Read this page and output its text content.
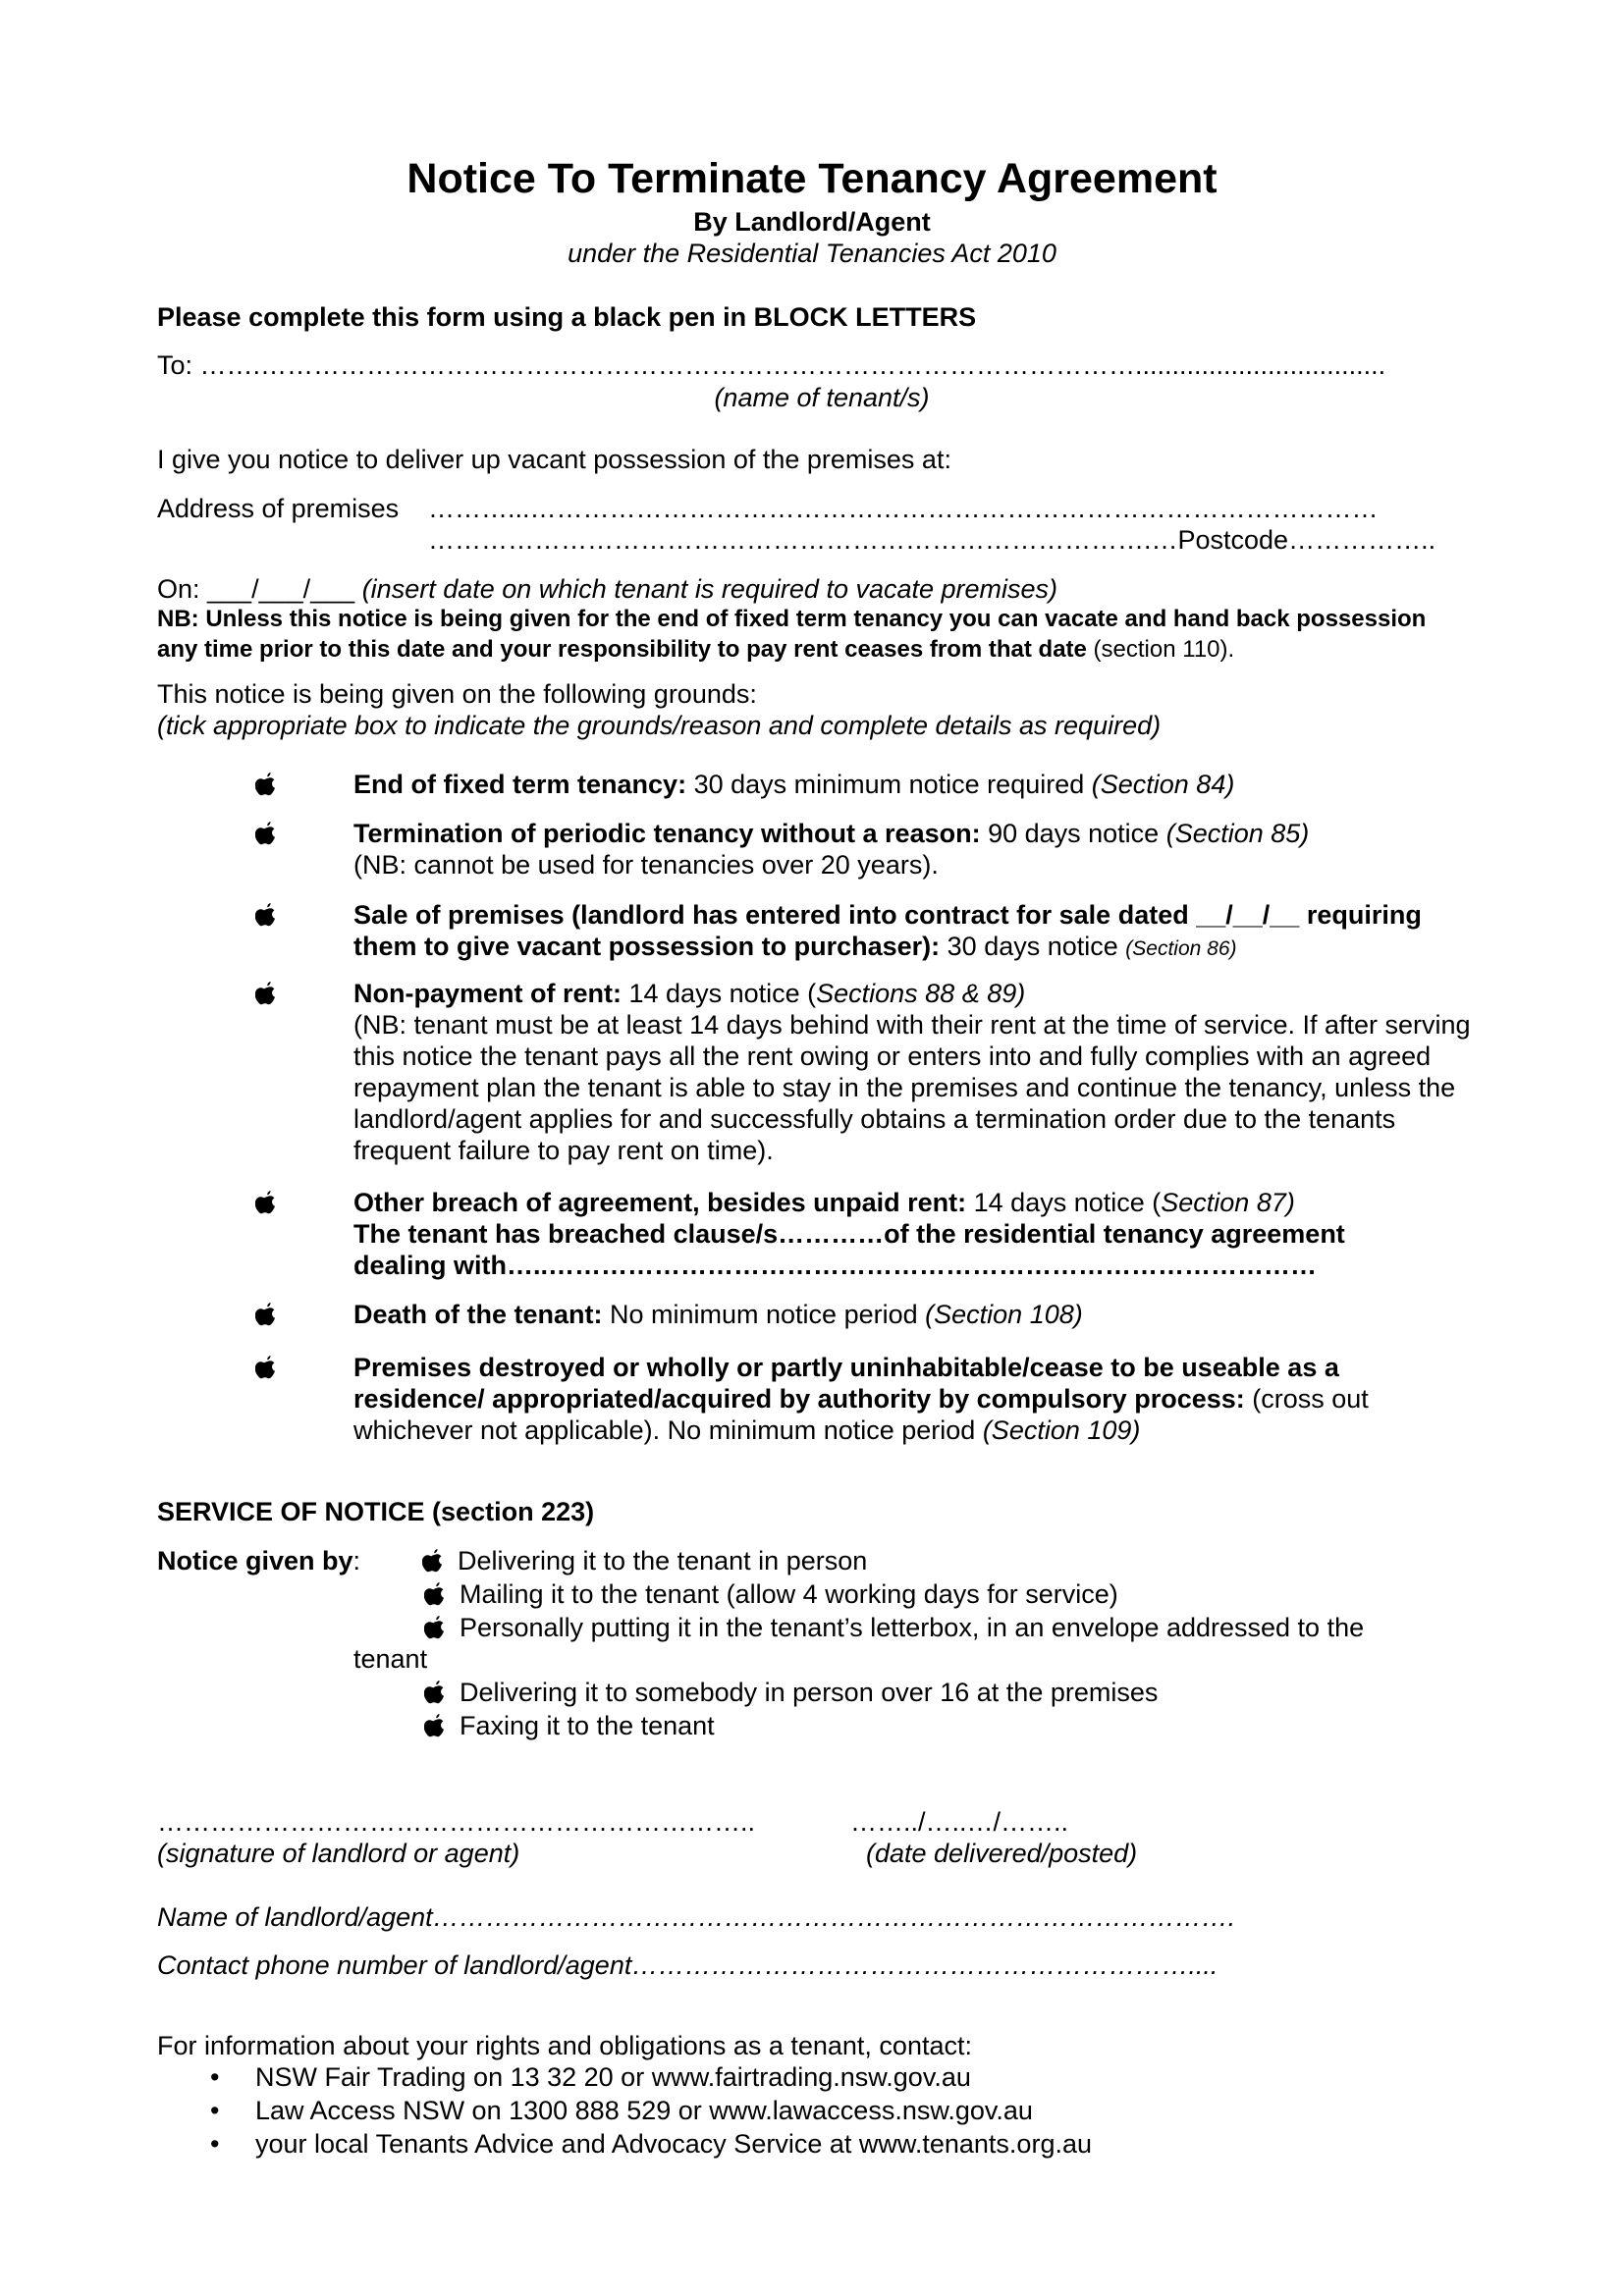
Notice To Terminate Tenancy Agreement
By Landlord/Agent
under the Residential Tenancies Act 2010
Please complete this form using a black pen in BLOCK LETTERS
To: …….………………………………………………………………………………………..................................
(name of tenant/s)
I give you notice to deliver up vacant possession of the premises at:
Address of premises ………...……………………………………………………………………………………
……………………………………………………………………….…Postcode……………..
On: ___/___/___ (insert date on which tenant is required to vacate premises)
NB: Unless this notice is being given for the end of fixed term tenancy you can vacate and hand back possession any time prior to this date and your responsibility to pay rent ceases from that date (section 110).
This notice is being given on the following grounds:
(tick appropriate box to indicate the grounds/reason and complete details as required)
End of fixed term tenancy: 30 days minimum notice required (Section 84)
Termination of periodic tenancy without a reason: 90 days notice (Section 85)
(NB: cannot be used for tenancies over 20 years).
Sale of premises (landlord has entered into contract for sale dated __/__/__ requiring
them to give vacant possession to purchaser): 30 days notice (Section 86)
Non-payment of rent: 14 days notice (Sections 88 & 89)
(NB: tenant must be at least 14 days behind with their rent at the time of service. If after serving this notice the tenant pays all the rent owing or enters into and fully complies with an agreed repayment plan the tenant is able to stay in the premises and continue the tenancy, unless the landlord/agent applies for and successfully obtains a termination order due to the tenants frequent failure to pay rent on time).
Other breach of agreement, besides unpaid rent: 14 days notice (Section 87)
The tenant has breached clause/s…………of the residential tenancy agreement
dealing with…..……………………………………………………………………………
Death of the tenant: No minimum notice period (Section 108)
Premises destroyed or wholly or partly uninhabitable/cease to be useable as a
residence/ appropriated/acquired by authority by compulsory process: (cross out
whichever not applicable). No minimum notice period (Section 109)
SERVICE OF NOTICE (section 223)
Notice given by:	Delivering it to the tenant in person
Mailing it to the tenant (allow 4 working days for service)
Personally putting it in the tenant’s letterbox, in an envelope addressed to the
tenant
Delivering it to somebody in person over 16 at the premises
Faxing it to the tenant
…………………………………………………………..	……../…..…/……..
(signature of landlord or agent)	(date delivered/posted)
Name of landlord/agent……………………………………………………………………………….
Contact phone number of landlord/agent………………………………………………………....
For information about your rights and obligations as a tenant, contact:
• NSW Fair Trading on 13 32 20 or www.fairtrading.nsw.gov.au
• Law Access NSW on 1300 888 529 or www.lawaccess.nsw.gov.au
• your local Tenants Advice and Advocacy Service at www.tenants.org.au
